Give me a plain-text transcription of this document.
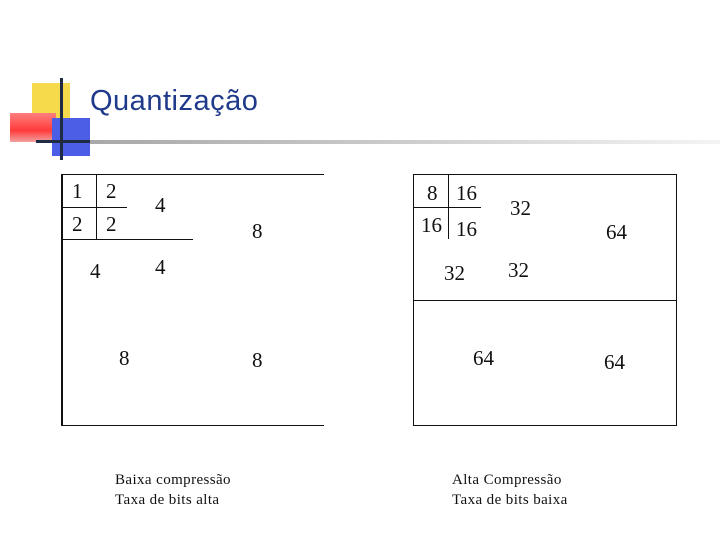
Quantização
1 2
2 2
4
4	4
8
8	8
8 16
16 16
32
32 32
64
64	64
Baixa compressão
Taxa de bits alta
Alta Compressão
Taxa de bits baixa
